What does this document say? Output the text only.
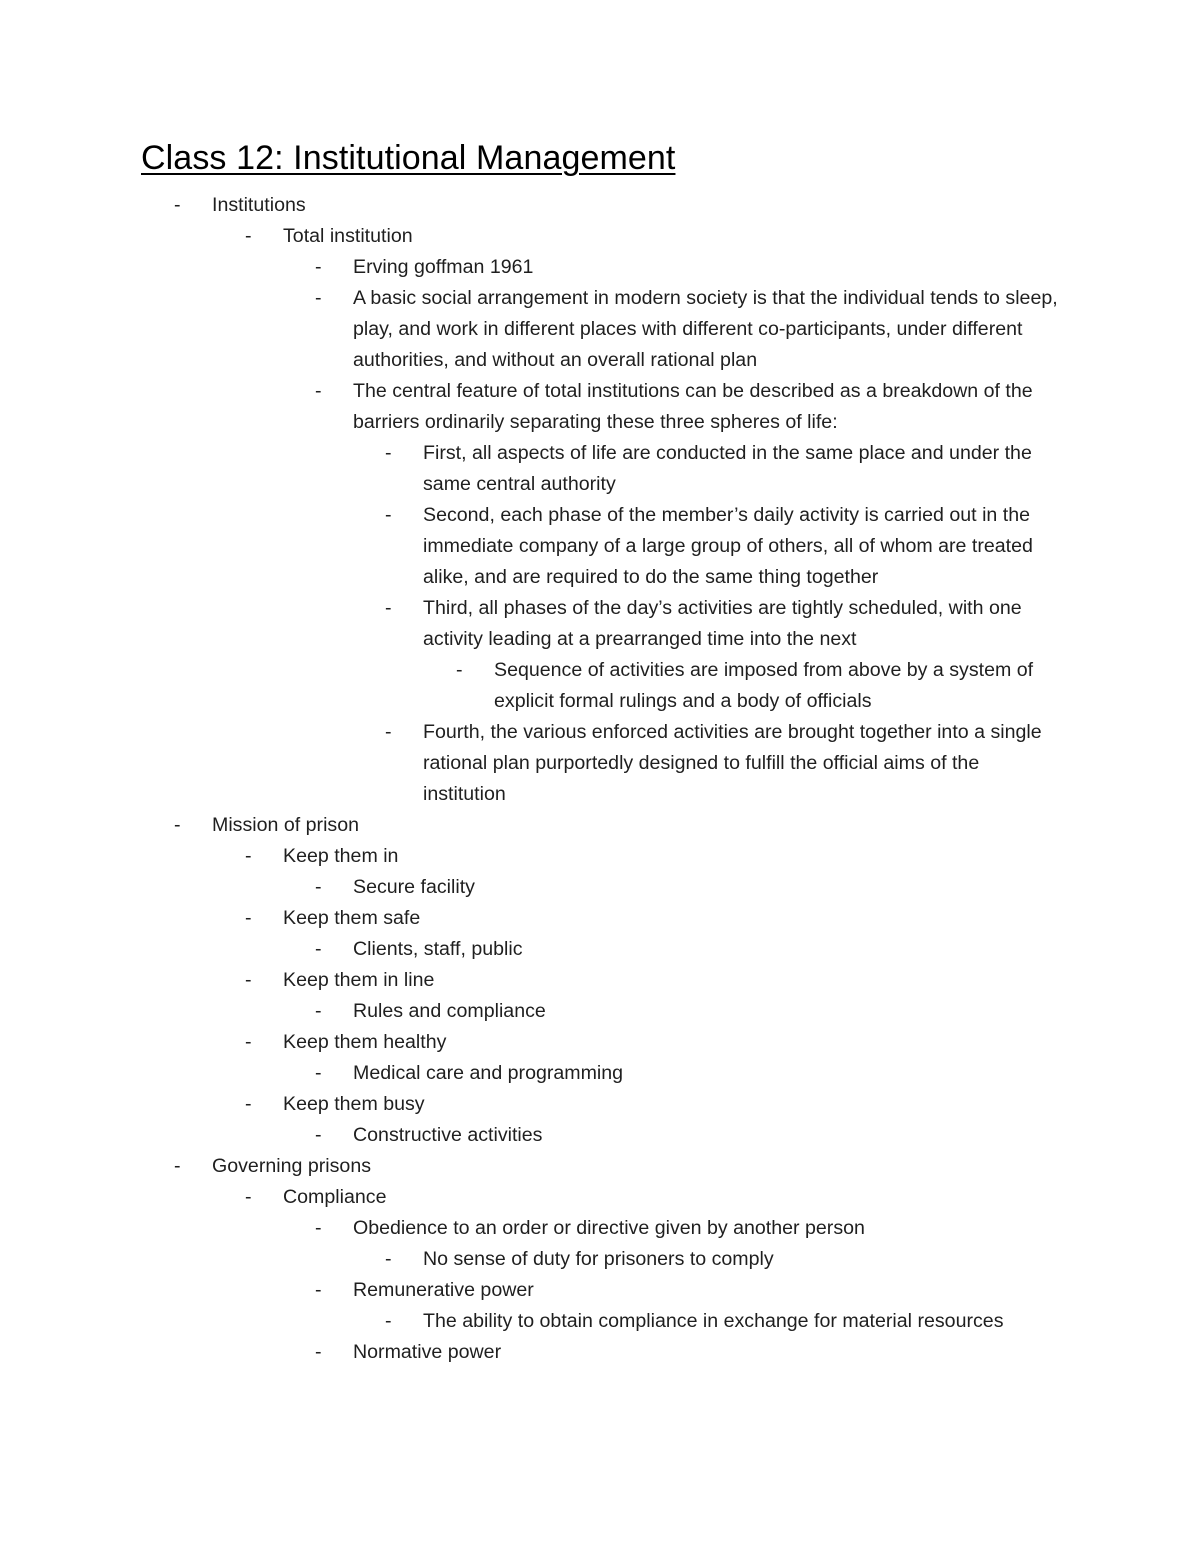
Class 12: Institutional Management
-	Institutions
-	Total institution
-	Erving goffman 1961
-	A basic social arrangement in modern society is that the individual tends to sleep, play, and work in different places with different co-participants, under different authorities, and without an overall rational plan
-	The central feature of total institutions can be described as a breakdown of the barriers ordinarily separating these three spheres of life:
-	First, all aspects of life are conducted in the same place and under the same central authority
-	Second, each phase of the member’s daily activity is carried out in the immediate company of a large group of others, all of whom are treated alike, and are required to do the same thing together
-	Third, all phases of the day’s activities are tightly scheduled, with one activity leading at a prearranged time into the next
-	Sequence of activities are imposed from above by a system of explicit formal rulings and a body of officials
-	Fourth, the various enforced activities are brought together into a single rational plan purportedly designed to fulfill the official aims of the institution
-	Mission of prison
-	Keep them in
-	Secure facility
-	Keep them safe
-	Clients, staff, public
-	Keep them in line
-	Rules and compliance
-	Keep them healthy
-	Medical care and programming
-	Keep them busy
-	Constructive activities
-	Governing prisons
-	Compliance
-	Obedience to an order or directive given by another person
-	No sense of duty for prisoners to comply
-	Remunerative power
-	The ability to obtain compliance in exchange for material resources
-	Normative power
